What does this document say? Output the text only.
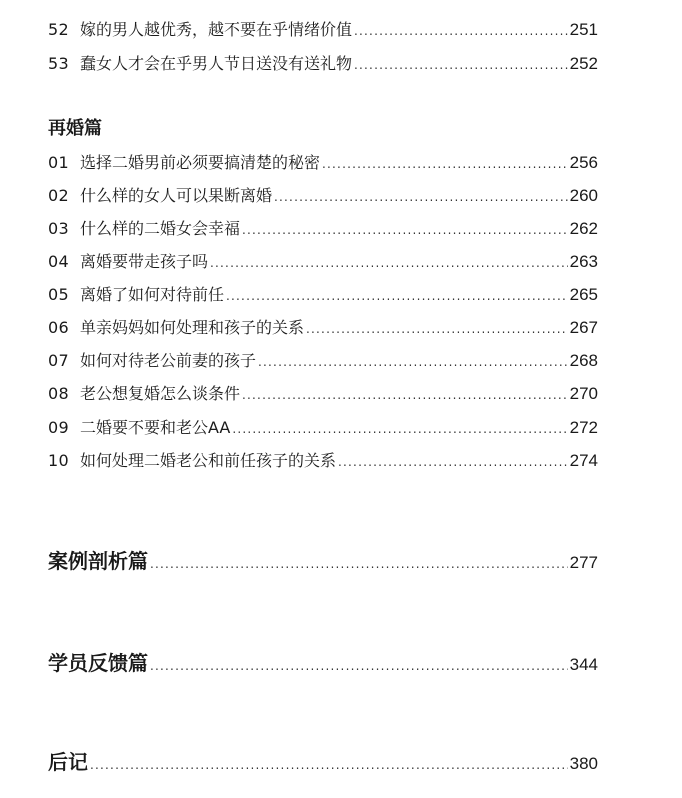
52 嫁的男人越优秀，越不要在乎情绪价值 .....	251
53 蠢女人才会在乎男人节日送没有送礼物 .....	252
再婚篇
01 选择二婚男前必须要搞清楚的秘密 .....	256
02 什么样的女人可以果断离婚 .....	260
03 什么样的二婚女会幸福 .....	262
04 离婚要带走孩子吗 .....	263
05 离婚了如何对待前任 .....	265
06 单亲妈妈如何处理和孩子的关系 .....	267
07 如何对待老公前妻的孩子 .....	268
08 老公想复婚怎么谈条件 .....	270
09 二婚要不要和老公AA .....	272
10 如何处理二婚老公和前任孩子的关系 .....	274
案例剖析篇 .....	277
学员反馈篇 .....	344
后记 .....	380
